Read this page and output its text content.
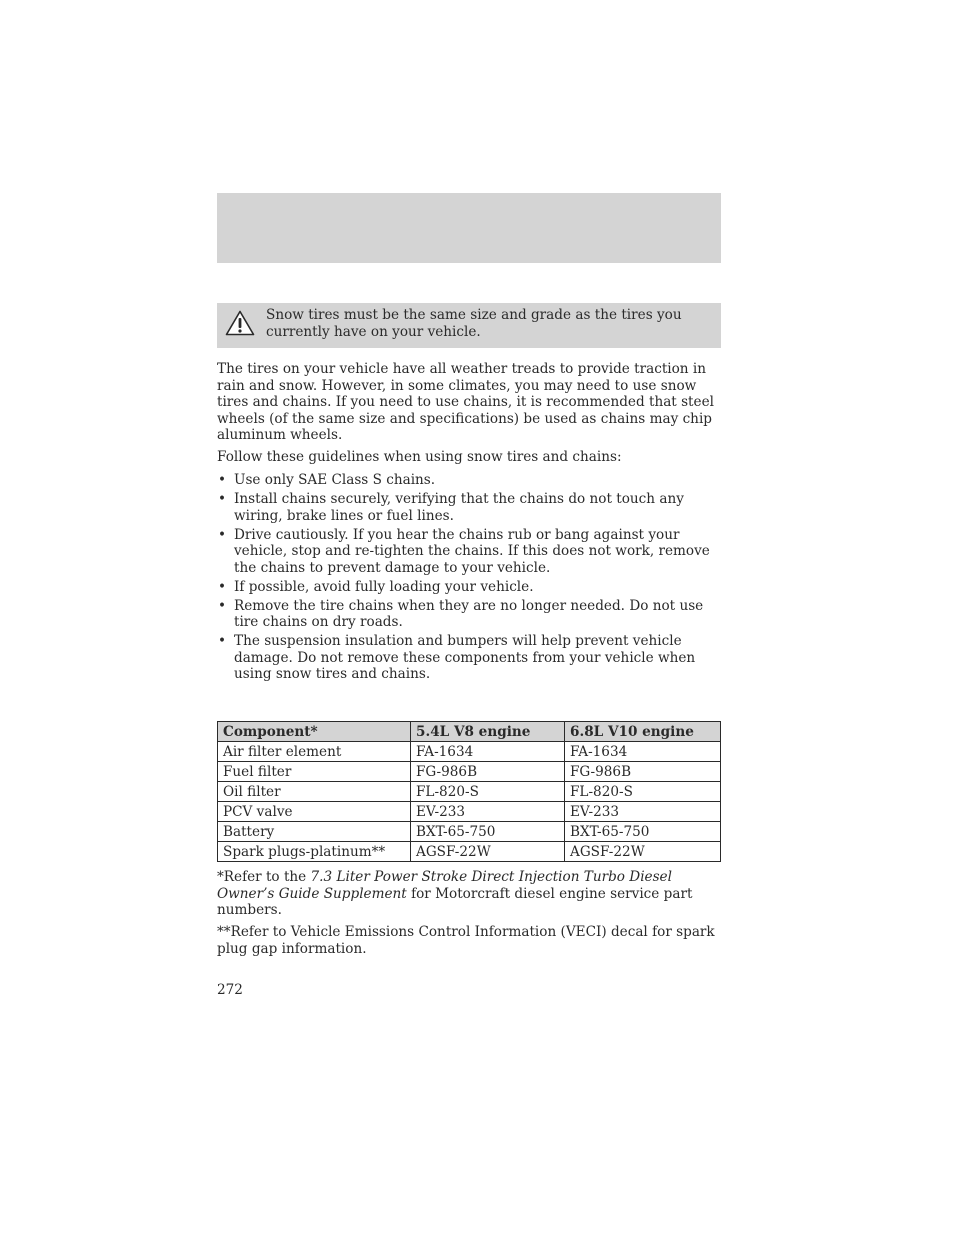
Snow tires must be the same size and grade as the tires you currently have on your vehicle.

The tires on your vehicle have all weather treads to provide traction in rain and snow. However, in some climates, you may need to use snow tires and chains. If you need to use chains, it is recommended that steel wheels (of the same size and specifications) be used as chains may chip aluminum wheels.

Follow these guidelines when using snow tires and chains:

• Use only SAE Class S chains.
• Install chains securely, verifying that the chains do not touch any wiring, brake lines or fuel lines.
• Drive cautiously. If you hear the chains rub or bang against your vehicle, stop and re-tighten the chains. If this does not work, remove the chains to prevent damage to your vehicle.
• If possible, avoid fully loading your vehicle.
• Remove the tire chains when they are no longer needed. Do not use tire chains on dry roads.
• The suspension insulation and bumpers will help prevent vehicle damage. Do not remove these components from your vehicle when using snow tires and chains.
Component*	5.4L V8 engine	6.8L V10 engine
Air filter element	FA-1634	FA-1634
Fuel filter	FG-986B	FG-986B
Oil filter	FL-820-S	FL-820-S
PCV valve	EV-233	EV-233
Battery	BXT-65-750	BXT-65-750
Spark plugs-platinum**	AGSF-22W	AGSF-22W

*Refer to the 7.3 Liter Power Stroke Direct Injection Turbo Diesel Owner’s Guide Supplement for Motorcraft diesel engine service part numbers.

**Refer to Vehicle Emissions Control Information (VECI) decal for spark plug gap information.

272
